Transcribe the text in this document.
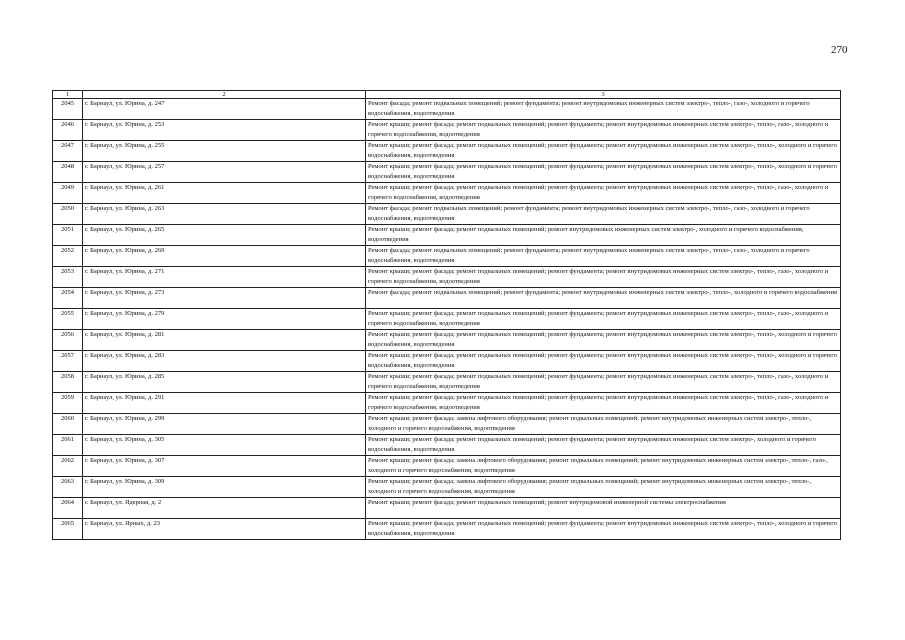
270
1	2	3
2045	г. Барнаул, ул. Юрина, д. 247	Ремонт фасада; ремонт подвальных помещений; ремонт фундамента; ремонт внутридомовых инженерных систем электро-, тепло-, газо-, холодного и горячего водоснабжения, водоотведения
2046	г. Барнаул, ул. Юрина, д. 253	Ремонт крыши; ремонт фасада; ремонт подвальных помещений; ремонт фундамента; ремонт внутридомовых инженерных систем электро-, тепло-, газо-, холодного и горячего водоснабжения, водоотведения
2047	г. Барнаул, ул. Юрина, д. 255	Ремонт крыши; ремонт фасада; ремонт подвальных помещений; ремонт фундамента; ремонт внутридомовых инженерных систем электро-, тепло-, холодного и горячего водоснабжения, водоотведения
2048	г. Барнаул, ул. Юрина, д. 257	Ремонт крыши; ремонт фасада; ремонт подвальных помещений; ремонт фундамента; ремонт внутридомовых инженерных систем электро-, тепло-, холодного и горячего водоснабжения, водоотведения
2049	г. Барнаул, ул. Юрина, д. 261	Ремонт крыши; ремонт фасада; ремонт подвальных помещений; ремонт фундамента; ремонт внутридомовых инженерных систем электро-, тепло-, газо-, холодного и горячего водоснабжения, водоотведения
2050	г. Барнаул, ул. Юрина, д. 263	Ремонт фасада; ремонт подвальных помещений; ремонт фундамента; ремонт внутридомовых инженерных систем электро-, тепло-, газо-, холодного и горячего водоснабжения, водоотведения
2051	г. Барнаул, ул. Юрина, д. 265	Ремонт крыши; ремонт фасада; ремонт подвальных помещений; ремонт внутридомовых инженерных систем электро-, холодного и горячего водоснабжения, водоотведения
2052	г. Барнаул, ул. Юрина, д. 269	Ремонт фасада; ремонт подвальных помещений; ремонт фундамента; ремонт внутридомовых инженерных систем электро-, тепло-, газо-, холодного и горячего водоснабжения, водоотведения
2053	г. Барнаул, ул. Юрина, д. 271	Ремонт крыши; ремонт фасада; ремонт подвальных помещений; ремонт фундамента; ремонт внутридомовых инженерных систем электро-, тепло-, газо-, холодного и горячего водоснабжения, водоотведения
2054	г. Барнаул, ул. Юрина, д. 273	Ремонт фасада; ремонт подвальных помещений; ремонт фундамента; ремонт внутридомовых инженерных систем электро-, тепло-, холодного и горячего водоснабжения
2055	г. Барнаул, ул. Юрина, д. 279	Ремонт крыши; ремонт фасада; ремонт подвальных помещений; ремонт фундамента; ремонт внутридомовых инженерных систем электро-, тепло-, газо-, холодного и горячего водоснабжения, водоотведения
2056	г. Барнаул, ул. Юрина, д. 281	Ремонт крыши; ремонт фасада; ремонт подвальных помещений; ремонт фундамента; ремонт внутридомовых инженерных систем электро-, тепло-, холодного и горячего водоснабжения, водоотведения
2057	г. Барнаул, ул. Юрина, д. 283	Ремонт крыши; ремонт фасада; ремонт подвальных помещений; ремонт фундамента; ремонт внутридомовых инженерных систем электро-, тепло-, холодного и горячего водоснабжения, водоотведения
2058	г. Барнаул, ул. Юрина, д. 285	Ремонт крыши; ремонт фасада; ремонт подвальных помещений; ремонт фундамента; ремонт внутридомовых инженерных систем электро-, тепло-, газо-, холодного и горячего водоснабжения, водоотведения
2059	г. Барнаул, ул. Юрина, д. 291	Ремонт крыши; ремонт фасада; ремонт подвальных помещений; ремонт фундамента; ремонт внутридомовых инженерных систем электро-, тепло-, газо-, холодного и горячего водоснабжения, водоотведения
2060	г. Барнаул, ул. Юрина, д. 299	Ремонт крыши; ремонт фасада; замена лифтового оборудования; ремонт подвальных помещений; ремонт внутридомовых инженерных систем электро-, тепло-, холодного и горячего водоснабжения, водоотведения
2061	г. Барнаул, ул. Юрина, д. 305	Ремонт крыши; ремонт фасада; ремонт подвальных помещений; ремонт фундамента; ремонт внутридомовых инженерных систем электро-, холодного и горячего водоснабжения, водоотведения
2062	г. Барнаул, ул. Юрина, д. 307	Ремонт крыши; ремонт фасада; замена лифтового оборудования; ремонт подвальных помещений; ремонт внутридомовых инженерных систем электро-, тепло-, газо-, холодного и горячего водоснабжения, водоотведения
2063	г. Барнаул, ул. Юрина, д. 309	Ремонт крыши; ремонт фасада; замена лифтового оборудования; ремонт подвальных помещений; ремонт внутридомовых инженерных систем электро-, тепло-, холодного и горячего водоснабжения, водоотведения
2064	г. Барнаул, ул. Ядерная, д. 2	Ремонт крыши; ремонт фасада; ремонт подвальных помещений; ремонт внутридомовой инженерной системы электроснабжения
2065	г. Барнаул, ул. Ярных, д. 23	Ремонт крыши; ремонт фасада; ремонт подвальных помещений; ремонт фундамента; ремонт внутридомовых инженерных систем электро-, тепло-, холодного и горячего водоснабжения, водоотведения
